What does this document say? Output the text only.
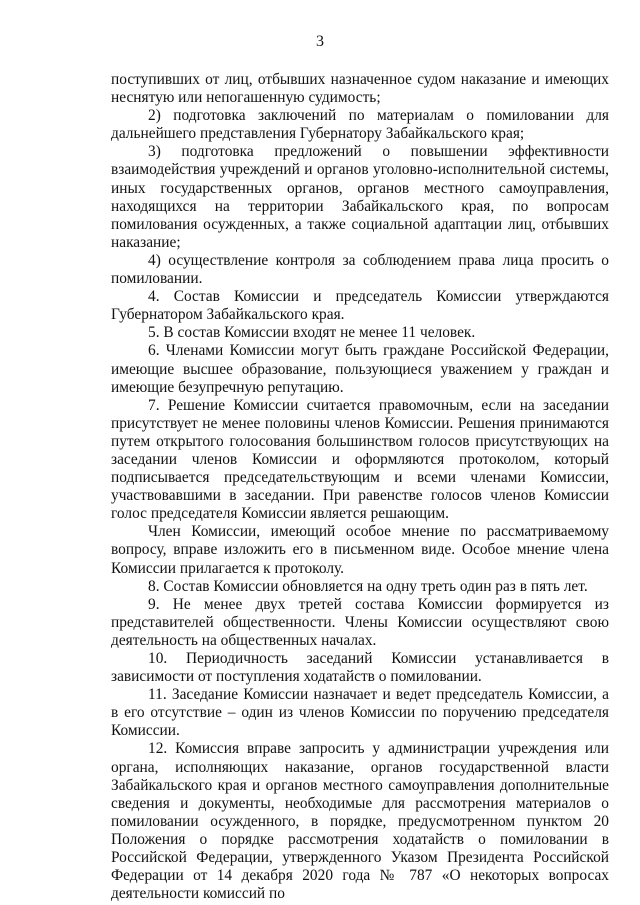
3

поступивших от лиц, отбывших назначенное судом наказание и имеющих неснятую или непогашенную судимость;

2) подготовка заключений по материалам о помиловании для дальнейшего представления Губернатору Забайкальского края;

3) подготовка предложений о повышении эффективности взаимодействия учреждений и органов уголовно-исполнительной системы, иных государственных органов, органов местного самоуправления, находящихся на территории Забайкальского края, по вопросам помилования осужденных, а также социальной адаптации лиц, отбывших наказание;

4) осуществление контроля за соблюдением права лица просить о помиловании.

4. Состав Комиссии и председатель Комиссии утверждаются Губернатором Забайкальского края.

5. В состав Комиссии входят не менее 11 человек.

6. Членами Комиссии могут быть граждане Российской Федерации, имеющие высшее образование, пользующиеся уважением у граждан и имеющие безупречную репутацию.

7. Решение Комиссии считается правомочным, если на заседании присутствует не менее половины членов Комиссии. Решения принимаются путем открытого голосования большинством голосов присутствующих на заседании членов Комиссии и оформляются протоколом, который подписывается председательствующим и всеми членами Комиссии, участвовавшими в заседании. При равенстве голосов членов Комиссии голос председателя Комиссии является решающим.

Член Комиссии, имеющий особое мнение по рассматриваемому вопросу, вправе изложить его в письменном виде. Особое мнение члена Комиссии прилагается к протоколу.

8. Состав Комиссии обновляется на одну треть один раз в пять лет.

9. Не менее двух третей состава Комиссии формируется из представителей общественности. Члены Комиссии осуществляют свою деятельность на общественных началах.

10. Периодичность заседаний Комиссии устанавливается в зависимости от поступления ходатайств о помиловании.

11. Заседание Комиссии назначает и ведет председатель Комиссии, а в его отсутствие – один из членов Комиссии по поручению председателя Комиссии.

12. Комиссия вправе запросить у администрации учреждения или органа, исполняющих наказание, органов государственной власти Забайкальского края и органов местного самоуправления дополнительные сведения и документы, необходимые для рассмотрения материалов о помиловании осужденного, в порядке, предусмотренном пунктом 20 Положения о порядке рассмотрения ходатайств о помиловании в Российской Федерации, утвержденного Указом Президента Российской Федерации от 14 декабря 2020 года № 787 «О некоторых вопросах деятельности комиссий по
